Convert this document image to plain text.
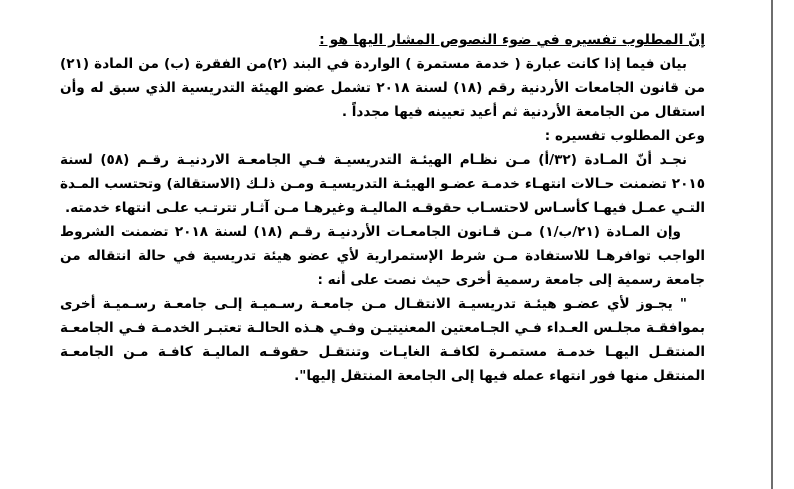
إنّ المطلوب تفسيره في ضوء النصوص المشار اليها هو :

بيان فيما إذا كانت عبارة ( خدمة مستمرة ) الواردة في البند (٢)من الفقرة (ب) من المادة (٢١) من قانون الجامعات الأردنية رقم (١٨) لسنة ٢٠١٨ تشمل عضو الهيئة التدريسية الذي سبق له وأن استقال من الجامعة الأردنية ثم أعيد تعيينه فيها مجدداً .

وعن المطلوب تفسيره :

نجـد أنّ المـادة (٣٢/أ) مـن نظـام الهيئـة التدريسيـة فـي الجامعـة الاردنيـة رقـم (٥٨) لسنة ٢٠١٥ تضمنت حـالات انتهـاء خدمـة عضـو الهيئـة التدريسيـة ومـن ذلـك (الاستقالة) وتحتسب المـدة التـي عمـل فيهـا كأسـاس لاحتسـاب حقوقـه الماليـة وغيرهـا مـن آثـار تترتـب علـى انتهاء خدمته.

وإن المـادة (٢١/ب/١) مـن قـانون الجامعـات الأردنيـة رقـم (١٨) لسنة ٢٠١٨ تضمنت الشروط الواجب توافرهـا للاستفادة مـن شرط الإستمرارية لأي عضو هيئة تدريسية في حالة انتقاله من جامعة رسمية إلى جامعة رسمية أخرى حيث نصت على أنه :

" يجـوز لأي عضـو هيئـة تدريسيـة الانتقـال مـن جامعـة رسـميـة إلـى جامعـة رسـميـة أخرى بموافقـة مجلـس العـداء فـي الجـامعتين المعنيتيـن وفـي هـذه الحالـة تعتبـر الخدمـة فـي الجامعـة المنتقـل اليهـا خدمـة مستمـرة لكافـة الغايـات وتنتقـل حقوقـه الماليـة كافـة مـن الجامعـة المنتقل منها فور انتهاء عمله فيها إلى الجامعة المنتقل إليها".
